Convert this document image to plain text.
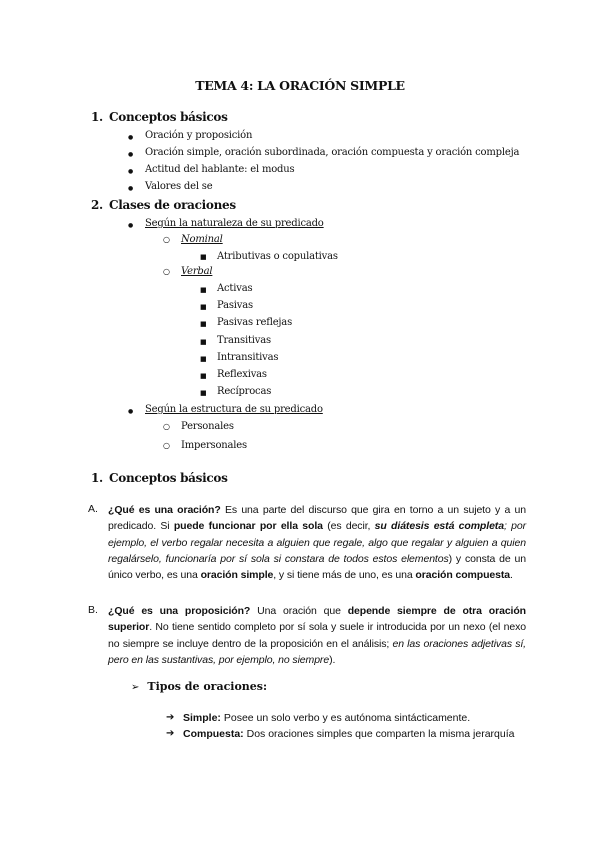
TEMA 4: LA ORACIÓN SIMPLE
1. Conceptos básicos
●
Oración y proposición
●
Oración simple, oración subordinada, oración compuesta y oración compleja
●
Actitud del hablante: el modus
●
Valores del se
2. Clases de oraciones
●
Según la naturaleza de su predicado
○
Nominal
■
Atributivas o copulativas
○
Verbal
■
Activas
■
Pasivas
■
Pasivas reflejas
■
Transitivas
■
Intransitivas
■
Reflexivas
■
Recíprocas
●
Según la estructura de su predicado
○
Personales
○
Impersonales
1. Conceptos básicos
A. ¿Qué es una oración? Es una parte del discurso que gira en torno a un sujeto y a un predicado. Si puede funcionar por ella sola (es decir, su diátesis está completa; por ejemplo, el verbo regalar necesita a alguien que regale, algo que regalar y alguien a quien regalárselo, funcionaría por sí sola si constara de todos estos elementos) y consta de un único verbo, es una oración simple, y si tiene más de uno, es una oración compuesta.
B. ¿Qué es una proposición? Una oración que depende siempre de otra oración superior. No tiene sentido completo por sí sola y suele ir introducida por un nexo (el nexo no siempre se incluye dentro de la proposición en el análisis; en las oraciones adjetivas sí, pero en las sustantivas, por ejemplo, no siempre).
➢ Tipos de oraciones:
➔ Simple: Posee un solo verbo y es autónoma sintácticamente.
➔ Compuesta: Dos oraciones simples que comparten la misma jerarquía
